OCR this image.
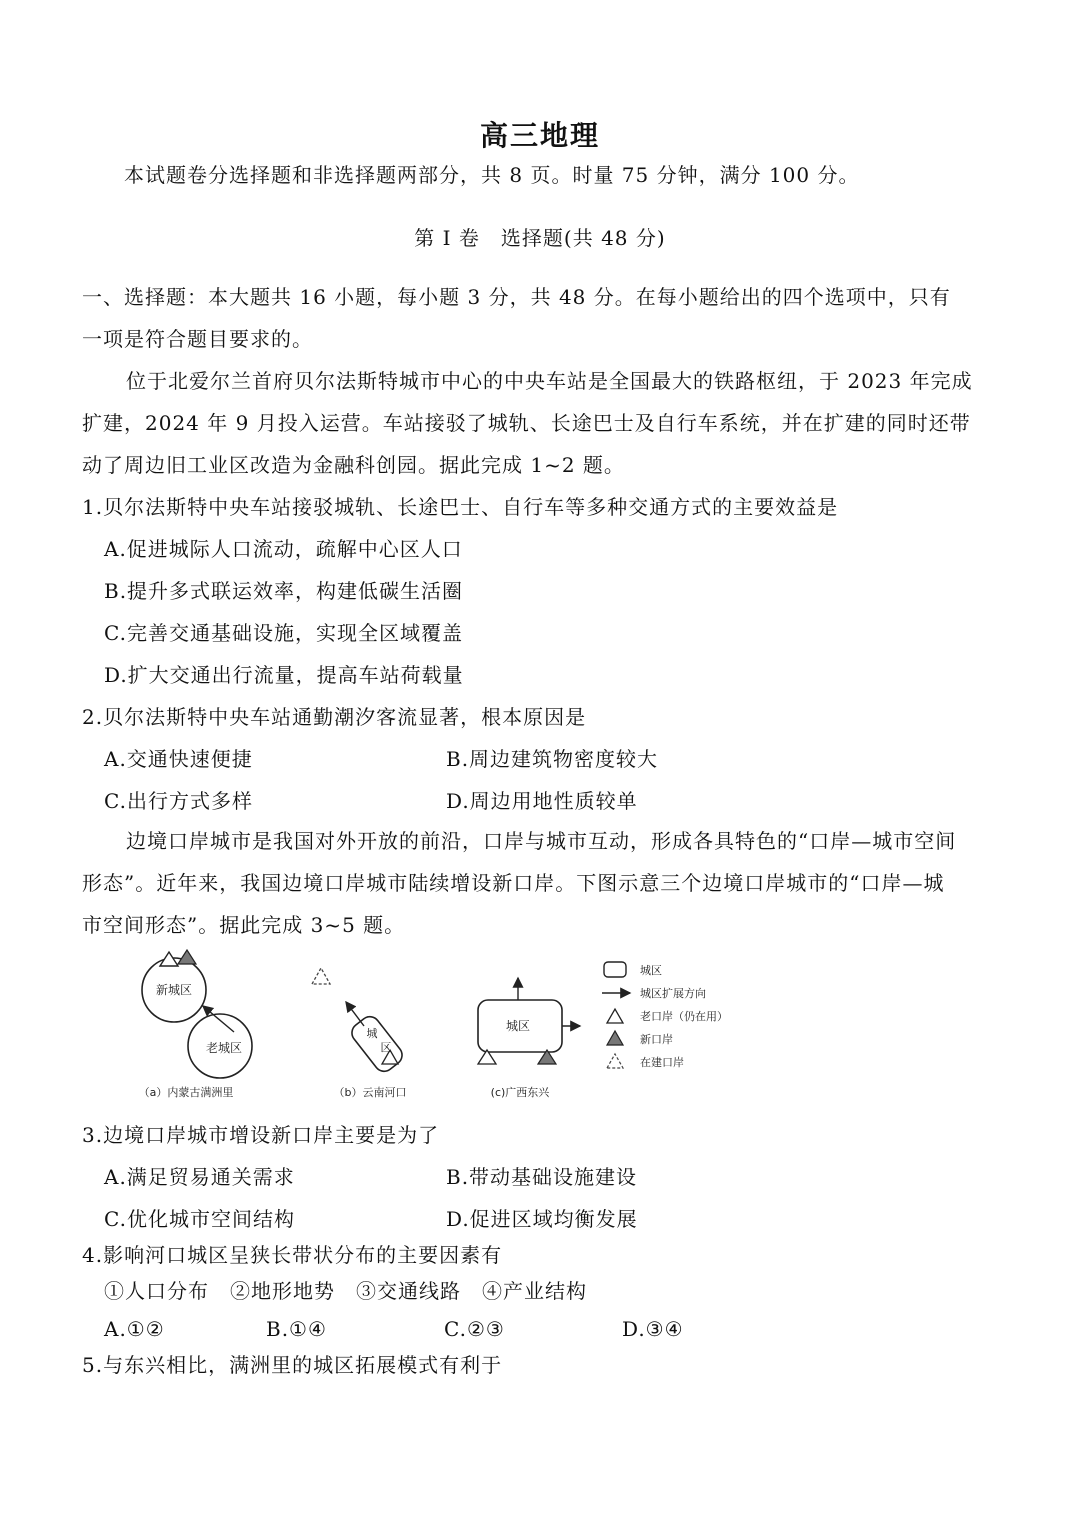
高三地理
本试题卷分选择题和非选择题两部分，共 8 页。时量 75 分钟，满分 100 分。
第 I 卷　选择题(共 48 分)
一、选择题：本大题共 16 小题，每小题 3 分，共 48 分。在每小题给出的四个选项中，只有
一项是符合题目要求的。
位于北爱尔兰首府贝尔法斯特城市中心的中央车站是全国最大的铁路枢纽，于 2023 年完成
扩建，2024 年 9 月投入运营。车站接驳了城轨、长途巴士及自行车系统，并在扩建的同时还带
动了周边旧工业区改造为金融科创园。据此完成 1~2 题。
1.贝尔法斯特中央车站接驳城轨、长途巴士、自行车等多种交通方式的主要效益是
A.促进城际人口流动，疏解中心区人口
B.提升多式联运效率，构建低碳生活圈
C.完善交通基础设施，实现全区域覆盖
D.扩大交通出行流量，提高车站荷载量
2.贝尔法斯特中央车站通勤潮汐客流显著，根本原因是
A.交通快速便捷	B.周边建筑物密度较大
C.出行方式多样	D.周边用地性质较单
边境口岸城市是我国对外开放的前沿，口岸与城市互动，形成各具特色的“口岸—城市空间
形态”。近年来，我国边境口岸城市陆续增设新口岸。下图示意三个边境口岸城市的“口岸—城
市空间形态”。据此完成 3~5 题。
新城区
老城区
（a）内蒙古满洲里
城
区
（b）云南河口
城区
(c)广西东兴
城区
城区扩展方向
老口岸（仍在用）
新口岸
在建口岸
3.边境口岸城市增设新口岸主要是为了
A.满足贸易通关需求	B.带动基础设施建设
C.优化城市空间结构	D.促进区域均衡发展
4.影响河口城区呈狭长带状分布的主要因素有
①人口分布　②地形地势　③交通线路　④产业结构
A.①②	B.①④	C.②③	D.③④
5.与东兴相比，满洲里的城区拓展模式有利于
